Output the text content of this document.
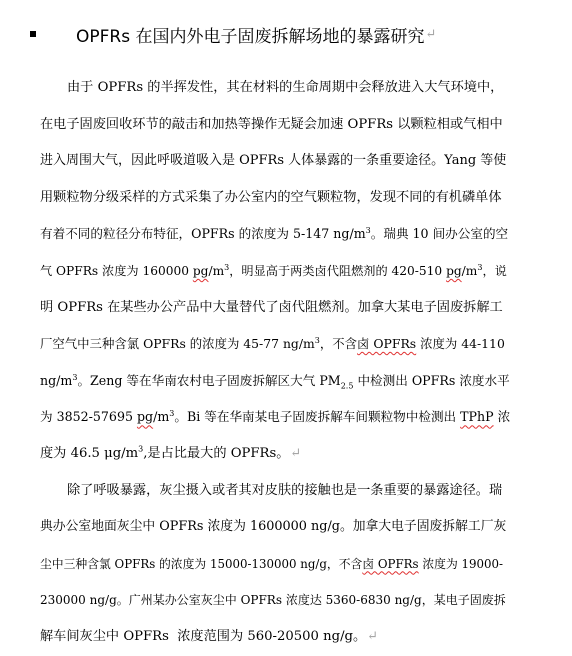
OPFRs 在国内外电子固废拆解场地的暴露研究 ↵
由于 OPFRs 的半挥发性，其在材料的生命周期中会释放进入大气环境中，
在电子固废回收环节的敲击和加热等操作无疑会加速 OPFRs 以颗粒相或气相中
进入周围大气，因此呼吸道吸入是 OPFRs 人体暴露的一条重要途径。Yang 等使
用颗粒物分级采样的方式采集了办公室内的空气颗粒物，发现不同的有机磷单体
有着不同的粒径分布特征，OPFRs 的浓度为 5-147 $ng/m^3$。瑞典 10 间办公室的空
气 OPFRs 浓度为 160000 $pg/m^3$，明显高于两类卤代阻燃剂的 420-510 $pg/m^3$，说
明 OPFRs 在某些办公产品中大量替代了卤代阻燃剂。加拿大某电子固废拆解工
厂空气中三种含氯 OPFRs 的浓度为 45-77 $ng/m^3$，不含卤 OPFRs 浓度为 44-110
$ng/m^3$。Zeng 等在华南农村电子固废拆解区大气 $PM_{2.5}$ 中检测出 OPFRs 浓度水平
为 3852-57695 $pg/m^3$。Bi 等在华南某电子固废拆解车间颗粒物中检测出 TPhP 浓
度为 46.5 $\mu g/m^3$,是占比最大的 OPFRs。 ↵
除了呼吸暴露，灰尘摄入或者其对皮肤的接触也是一条重要的暴露途径。瑞
典办公室地面灰尘中 OPFRs 浓度为 1600000 ng/g。加拿大电子固废拆解工厂灰
尘中三种含氯 OPFRs 的浓度为 15000-130000 ng/g，不含卤 OPFRs 浓度为 19000-
230000 ng/g。广州某办公室灰尘中 OPFRs 浓度达 5360-6830 ng/g，某电子固废拆
解车间灰尘中 OPFRs  浓度范围为 560-20500 ng/g。 ↵
